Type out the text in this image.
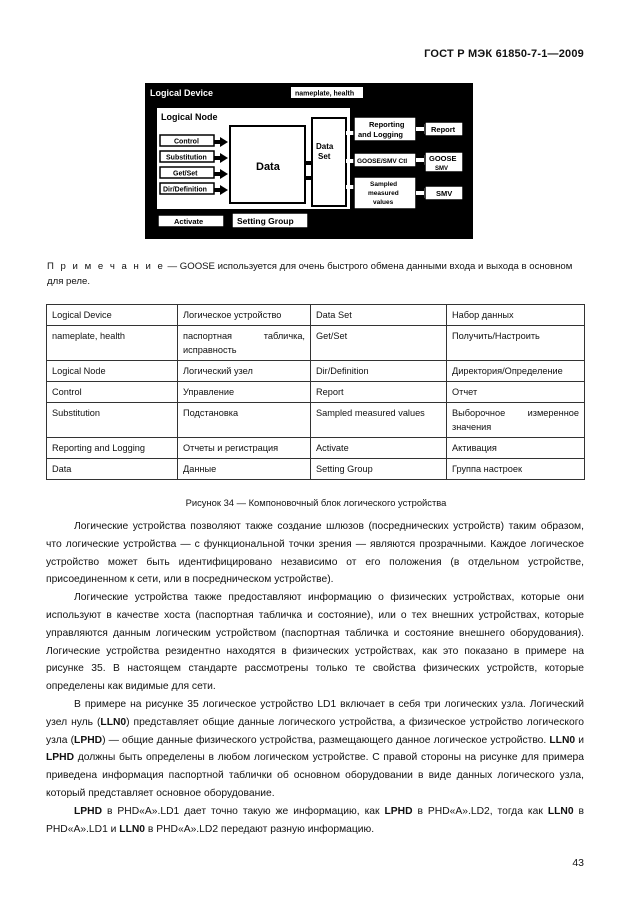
ГОСТ Р МЭК 61850-7-1—2009
Logical Device	nameplate, health
Logical Node
Control
Substitution
Get/Set
Dir/Definition
Data
Data
Set
Reporting
and Logging
GOOSE/SMV Ctl
Sampled
measured
values
Report
GOOSE
SMV
SMV
Activate	Setting Group
П р и м е ч а н и е — GOOSE используется для очень быстрого обмена данными входа и выхода в основном для реле.
Logical Device	Логическое устройство	Data Set	Набор данных
nameplate, health	паспортная табличка, исправность	Get/Set	Получить/Настроить
Logical Node	Логический узел	Dir/Definition	Директория/Определение
Control	Управление	Report	Отчет
Substitution	Подстановка	Sampled measured values	Выборочное измеренное значения
Reporting and Logging	Отчеты и регистрация	Activate	Активация
Data	Данные	Setting Group	Группа настроек
Рисунок 34 — Компоновочный блок логического устройства

Логические устройства позволяют также создание шлюзов (посреднических устройств) таким образом, что логические устройства — с функциональной точки зрения — являются прозрачными. Каждое логическое устройство может быть идентифицировано независимо от его положения (в отдельном устройстве, присоединенном к сети, или в посредническом устройстве).

Логические устройства также предоставляют информацию о физических устройствах, которые они используют в качестве хоста (паспортная табличка и состояние), или о тех внешних устройствах, которые управляются данным логическим устройством (паспортная табличка и состояние внешнего оборудования). Логические устройства резидентно находятся в физических устройствах, как это показано в примере на рисунке 35. В настоящем стандарте рассмотрены только те свойства физических устройств, которые определены как видимые для сети.

В примере на рисунке 35 логическое устройство LD1 включает в себя три логических узла. Логический узел нуль (LLN0) представляет общие данные логического устройства, а физическое устройство логического узла (LPHD) — общие данные физического устройства, размещающего данное логическое устройство. LLN0 и LPHD должны быть определены в любом логическом устройстве. С правой стороны на рисунке для примера приведена информация паспортной таблички об основном оборудовании в виде данных логического узла, который представляет основное оборудование.

LPHD в PHD«A».LD1 дает точно такую же информацию, как LPHD в PHD«A».LD2, тогда как LLN0 в PHD«A».LD1 и LLN0 в PHD«A».LD2 передают разную информацию.

43
